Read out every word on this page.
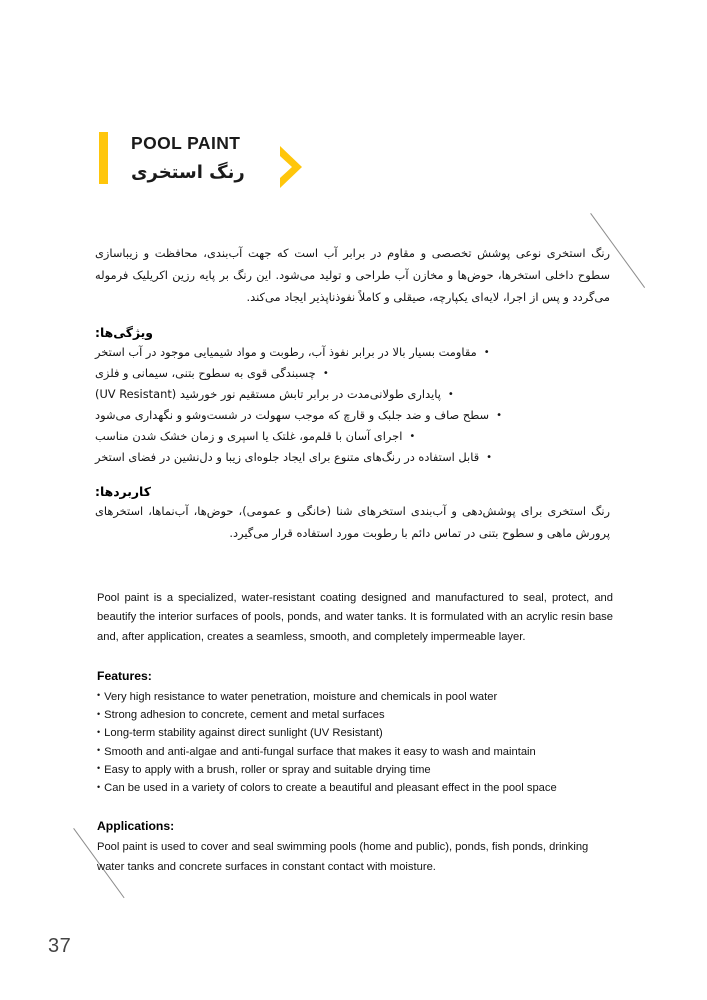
POOL PAINT
رنگ استخری

رنگ استخری نوعی پوشش تخصصی و مقاوم در برابر آب است که جهت آب‌بندی، محافظت و زیباسازی سطوح داخلی استخرها، حوض‌ها و مخازن آب طراحی و تولید می‌شود. این رنگ بر پایه رزین اکریلیک فرموله می‌گردد و پس از اجرا، لایه‌ای یکپارچه، صیقلی و کاملاً نفوذناپذیر ایجاد می‌کند.

ویژگی‌ها:
•مقاومت بسیار بالا در برابر نفوذ آب، رطوبت و مواد شیمیایی موجود در آب استخر
•چسبندگی قوی به سطوح بتنی، سیمانی و فلزی
•پایداری طولانی‌مدت در برابر تابش مستقیم نور خورشید (UV Resistant)
•سطح صاف و ضد جلبک و قارچ که موجب سهولت در شست‌وشو و نگهداری می‌شود
•اجرای آسان با قلم‌مو، غلتک یا اسپری و زمان خشک شدن مناسب
•قابل استفاده در رنگ‌های متنوع برای ایجاد جلوه‌ای زیبا و دل‌نشین در فضای استخر
کاربردها:

رنگ استخری برای پوشش‌دهی و آب‌بندی استخرهای شنا (خانگی و عمومی)، حوض‌ها، آب‌نماها، استخرهای پرورش ماهی و سطوح بتنی در تماس دائم با رطوبت مورد استفاده قرار می‌گیرد.

Pool paint is a specialized, water-resistant coating designed and manufactured to seal, protect, and beautify the interior surfaces of pools, ponds, and water tanks. It is formulated with an acrylic resin base and, after application, creates a seamless, smooth, and completely impermeable layer.

Features:
• Very high resistance to water penetration, moisture and chemicals in pool water
• Strong adhesion to concrete, cement and metal surfaces
• Long-term stability against direct sunlight (UV Resistant)
• Smooth and anti-algae and anti-fungal surface that makes it easy to wash and maintain
• Easy to apply with a brush, roller or spray and suitable drying time
• Can be used in a variety of colors to create a beautiful and pleasant effect in the pool space
Applications:

Pool paint is used to cover and seal swimming pools (home and public), ponds, fish ponds, drinking water tanks and concrete surfaces in constant contact with moisture.

37
